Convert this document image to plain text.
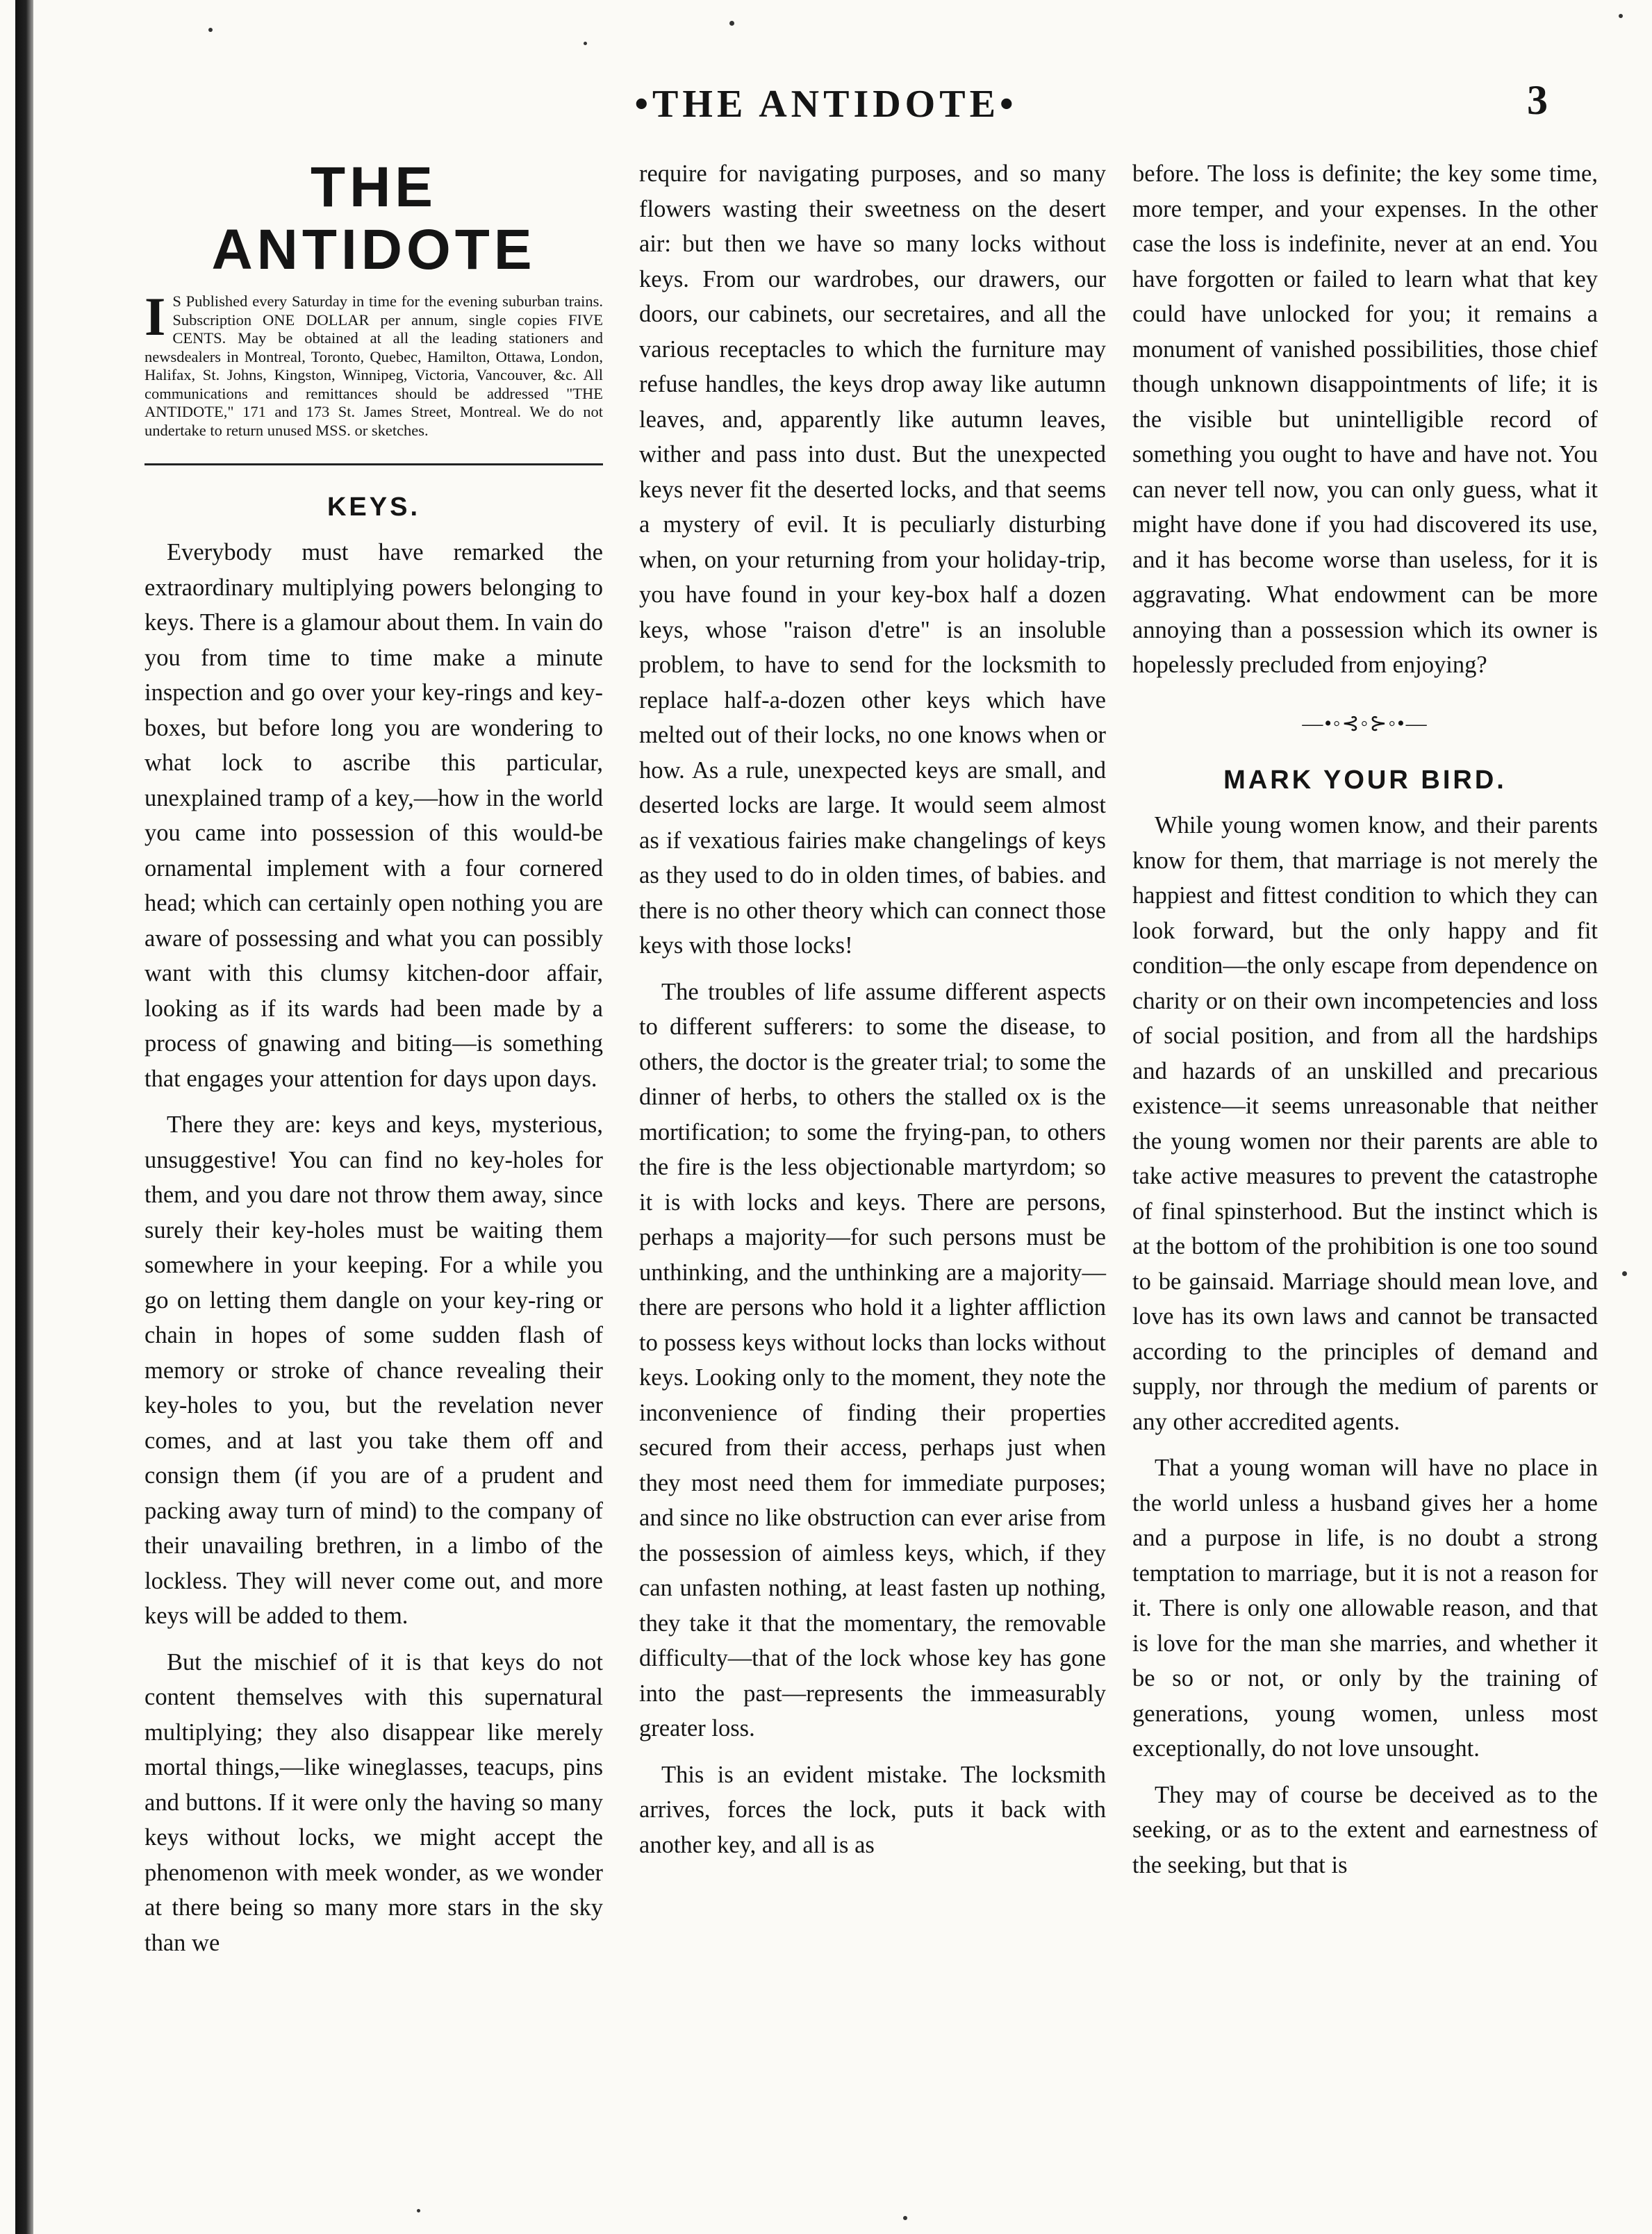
•THE ANTIDOTE•	3
THE ANTIDOTE

I S Published every Saturday in time for the evening suburban trains. Subscription ONE DOLLAR per annum, single copies FIVE CENTS. May be obtained at all the leading stationers and newsdealers in Montreal, Toronto, Quebec, Hamilton, Ottawa, London, Halifax, St. Johns, Kingston, Winnipeg, Victoria, Vancouver, &c. All communications and remittances should be addressed "THE ANTIDOTE," 171 and 173 St. James Street, Montreal. We do not undertake to return unused MSS. or sketches.

KEYS.

Everybody must have remarked the extraordinary multiplying powers belonging to keys. There is a glamour about them. In vain do you from time to time make a minute inspection and go over your key-rings and key-boxes, but before long you are wondering to what lock to ascribe this particular, unexplained tramp of a key,—how in the world you came into possession of this would-be ornamental implement with a four cornered head; which can certainly open nothing you are aware of possessing and what you can possibly want with this clumsy kitchen-door affair, looking as if its wards had been made by a process of gnawing and biting—is something that engages your attention for days upon days.

There they are: keys and keys, mysterious, unsuggestive! You can find no key-holes for them, and you dare not throw them away, since surely their key-holes must be waiting them somewhere in your keeping. For a while you go on letting them dangle on your key-ring or chain in hopes of some sudden flash of memory or stroke of chance revealing their key-holes to you, but the revelation never comes, and at last you take them off and consign them (if you are of a prudent and packing away turn of mind) to the company of their unavailing brethren, in a limbo of the lockless. They will never come out, and more keys will be added to them.

But the mischief of it is that keys do not content themselves with this supernatural multiplying; they also disappear like merely mortal things,—like wineglasses, teacups, pins and buttons. If it were only the having so many keys without locks, we might accept the phenomenon with meek wonder, as we wonder at there being so many more stars in the sky than we

require for navigating purposes, and so many flowers wasting their sweetness on the desert air: but then we have so many locks without keys. From our wardrobes, our drawers, our doors, our cabinets, our secretaires, and all the various receptacles to which the furniture may refuse handles, the keys drop away like autumn leaves, and, apparently like autumn leaves, wither and pass into dust. But the unexpected keys never fit the deserted locks, and that seems a mystery of evil. It is peculiarly disturbing when, on your returning from your holiday-trip, you have found in your key-box half a dozen keys, whose "raison d'etre" is an insoluble problem, to have to send for the locksmith to replace half-a-dozen other keys which have melted out of their locks, no one knows when or how. As a rule, unexpected keys are small, and deserted locks are large. It would seem almost as if vexatious fairies make changelings of keys as they used to do in olden times, of babies. and there is no other theory which can connect those keys with those locks!

The troubles of life assume different aspects to different sufferers: to some the disease, to others, the doctor is the greater trial; to some the dinner of herbs, to others the stalled ox is the mortification; to some the frying-pan, to others the fire is the less objectionable martyrdom; so it is with locks and keys. There are persons, perhaps a majority—for such persons must be unthinking, and the unthinking are a majority—there are persons who hold it a lighter affliction to possess keys without locks than locks without keys. Looking only to the moment, they note the inconvenience of finding their properties secured from their access, perhaps just when they most need them for immediate purposes; and since no like obstruction can ever arise from the possession of aimless keys, which, if they can unfasten nothing, at least fasten up nothing, they take it that the momentary, the removable difficulty—that of the lock whose key has gone into the past—represents the immeasurably greater loss.

This is an evident mistake. The locksmith arrives, forces the lock, puts it back with another key, and all is as

before. The loss is definite; the key some time, more temper, and your expenses. In the other case the loss is indefinite, never at an end. You have forgotten or failed to learn what that key could have unlocked for you; it remains a monument of vanished possibilities, those chief though unknown disappointments of life; it is the visible but unintelligible record of something you ought to have and have not. You can never tell now, you can only guess, what it might have done if you had discovered its use, and it has become worse than useless, for it is aggravating. What endowment can be more annoying than a possession which its owner is hopelessly precluded from enjoying?

—•◦⊰◦⊱◦•—
MARK YOUR BIRD.

While young women know, and their parents know for them, that marriage is not merely the happiest and fittest condition to which they can look forward, but the only happy and fit condition—the only escape from dependence on charity or on their own incompetencies and loss of social position, and from all the hardships and hazards of an unskilled and precarious existence—it seems unreasonable that neither the young women nor their parents are able to take active measures to prevent the catastrophe of final spinsterhood. But the instinct which is at the bottom of the prohibition is one too sound to be gainsaid. Marriage should mean love, and love has its own laws and cannot be transacted according to the principles of demand and supply, nor through the medium of parents or any other accredited agents.

That a young woman will have no place in the world unless a husband gives her a home and a purpose in life, is no doubt a strong temptation to marriage, but it is not a reason for it. There is only one allowable reason, and that is love for the man she marries, and whether it be so or not, or only by the training of generations, young women, unless most exceptionally, do not love unsought.

They may of course be deceived as to the seeking, or as to the extent and earnestness of the seeking, but that is
